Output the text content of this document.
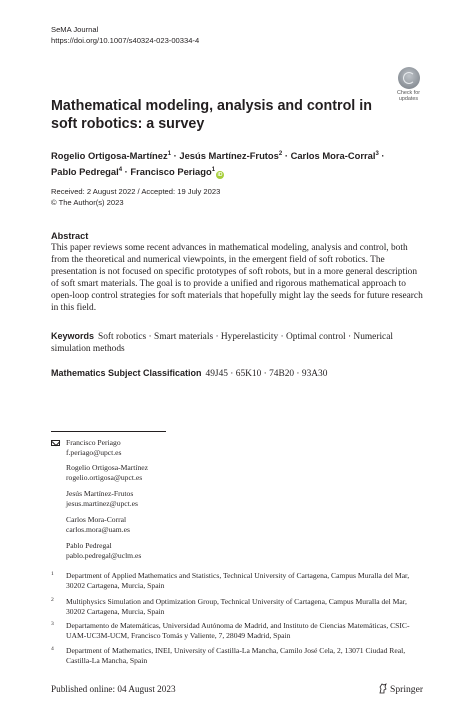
SeMA Journal
https://doi.org/10.1007/s40324-023-00334-4
Check for
updates
Mathematical modeling, analysis and control in soft robotics: a survey
Rogelio Ortigosa-Martínez$^1$ · Jesús Martínez-Frutos$^2$ · Carlos Mora-Corral$^3$ ·
Pablo Pedregal$^4$ · Francisco Periago$^1$iD
Received: 2 August 2022 / Accepted: 19 July 2023
© The Author(s) 2023
Abstract
This paper reviews some recent advances in mathematical modeling, analysis and control, both from the theoretical and numerical viewpoints, in the emergent field of soft robotics. The presentation is not focused on specific prototypes of soft robots, but in a more general description of soft smart materials. The goal is to provide a unified and rigorous mathematical approach to open-loop control strategies for soft materials that hopefully might lay the seeds for future research in this field.
Keywords Soft robotics · Smart materials · Hyperelasticity · Optimal control · Numerical simulation methods
Mathematics Subject Classification 49J45 · 65K10 · 74B20 · 93A30
Francisco Periago
f.periago@upct.es
Rogelio Ortigosa-Martínez
rogelio.ortigosa@upct.es
Jesús Martínez-Frutos
jesus.martinez@upct.es
Carlos Mora-Corral
carlos.mora@uam.es
Pablo Pedregal
pablo.pedregal@uclm.es
1 Department of Applied Mathematics and Statistics, Technical University of Cartagena, Campus Muralla del Mar, 30202 Cartagena, Murcia, Spain
2 Multiphysics Simulation and Optimization Group, Technical University of Cartagena, Campus Muralla del Mar, 30202 Cartagena, Murcia, Spain
3 Departamento de Matemáticas, Universidad Autónoma de Madrid, and Instituto de Ciencias Matemáticas, CSIC-UAM-UC3M-UCM, Francisco Tomás y Valiente, 7, 28049 Madrid, Spain
4 Department of Mathematics, INEI, University of Castilla-La Mancha, Camilo José Cela, 2, 13071 Ciudad Real, Castilla-La Mancha, Spain
Published online: 04 August 2023	Springer
